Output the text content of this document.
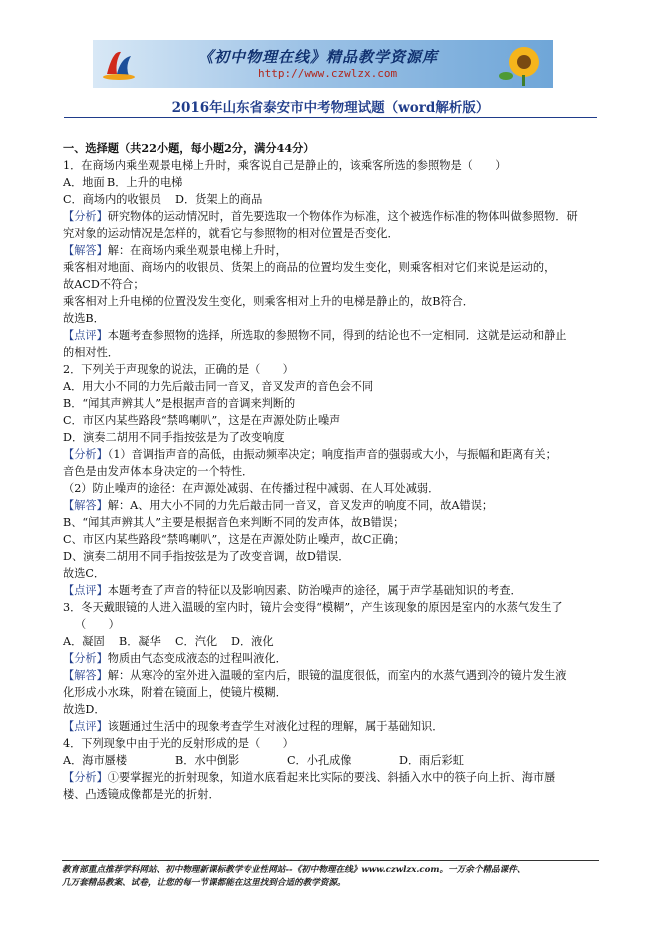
《初中物理在线》精品教学资源库
http://www.czwlzx.com
2016年山东省泰安市中考物理试题（word解析版）

一、选择题（共22小题，每小题2分，满分44分）

1．在商场内乘坐观景电梯上升时，乘客说自己是静止的，该乘客所选的参照物是（　　）

A．地面 B．上升的电梯

C．商场内的收银员 D．货架上的商品

【分析】研究物体的运动情况时，首先要选取一个物体作为标准，这个被选作标准的物体叫做参照物．研

究对象的运动情况是怎样的，就看它与参照物的相对位置是否变化．

【解答】解：在商场内乘坐观景电梯上升时，

乘客相对地面、商场内的收银员、货架上的商品的位置均发生变化，则乘客相对它们来说是运动的，

故ACD不符合；

乘客相对上升电梯的位置没发生变化，则乘客相对上升的电梯是静止的，故B符合．

故选B．

【点评】本题考查参照物的选择，所选取的参照物不同，得到的结论也不一定相同．这就是运动和静止

的相对性．

2．下列关于声现象的说法，正确的是（　　）

A．用大小不同的力先后敲击同一音叉，音叉发声的音色会不同

B．“闻其声辨其人”是根据声音的音调来判断的

C．市区内某些路段“禁鸣喇叭”，这是在声源处防止噪声

D．演奏二胡用不同手指按弦是为了改变响度

【分析】（1）音调指声音的高低，由振动频率决定；响度指声音的强弱或大小，与振幅和距离有关；

音色是由发声体本身决定的一个特性．

（2）防止噪声的途径：在声源处减弱、在传播过程中减弱、在人耳处减弱．

【解答】解：A、用大小不同的力先后敲击同一音叉，音叉发声的响度不同，故A错误；

B、“闻其声辨其人”主要是根据音色来判断不同的发声体，故B错误；

C、市区内某些路段“禁鸣喇叭”，这是在声源处防止噪声，故C正确；

D、演奏二胡用不同手指按弦是为了改变音调，故D错误．

故选C．

【点评】本题考查了声音的特征以及影响因素、防治噪声的途径，属于声学基础知识的考查．

3．冬天戴眼镜的人进入温暖的室内时，镜片会变得“模糊”，产生该现象的原因是室内的水蒸气发生了

（　　）

A．凝固 B．凝华 C．汽化 D．液化

【分析】物质由气态变成液态的过程叫液化．

【解答】解：从寒冷的室外进入温暖的室内后，眼镜的温度很低，而室内的水蒸气遇到冷的镜片发生液

化形成小水珠，附着在镜面上，使镜片模糊．

故选D．

【点评】该题通过生活中的现象考查学生对液化过程的理解，属于基础知识．

4．下列现象中由于光的反射形成的是（　　）

A．海市蜃楼	B．水中倒影	C．小孔成像	D．雨后彩虹

【分析】①要掌握光的折射现象，知道水底看起来比实际的要浅、斜插入水中的筷子向上折、海市蜃

楼、凸透镜成像都是光的折射．

教育部重点推荐学科网站、初中物理新课标教学专业性网站--《初中物理在线》www.czwlzx.com。一万余个精品课件、

几万套精品教案、试卷，让您的每一节课都能在这里找到合适的教学资源。
